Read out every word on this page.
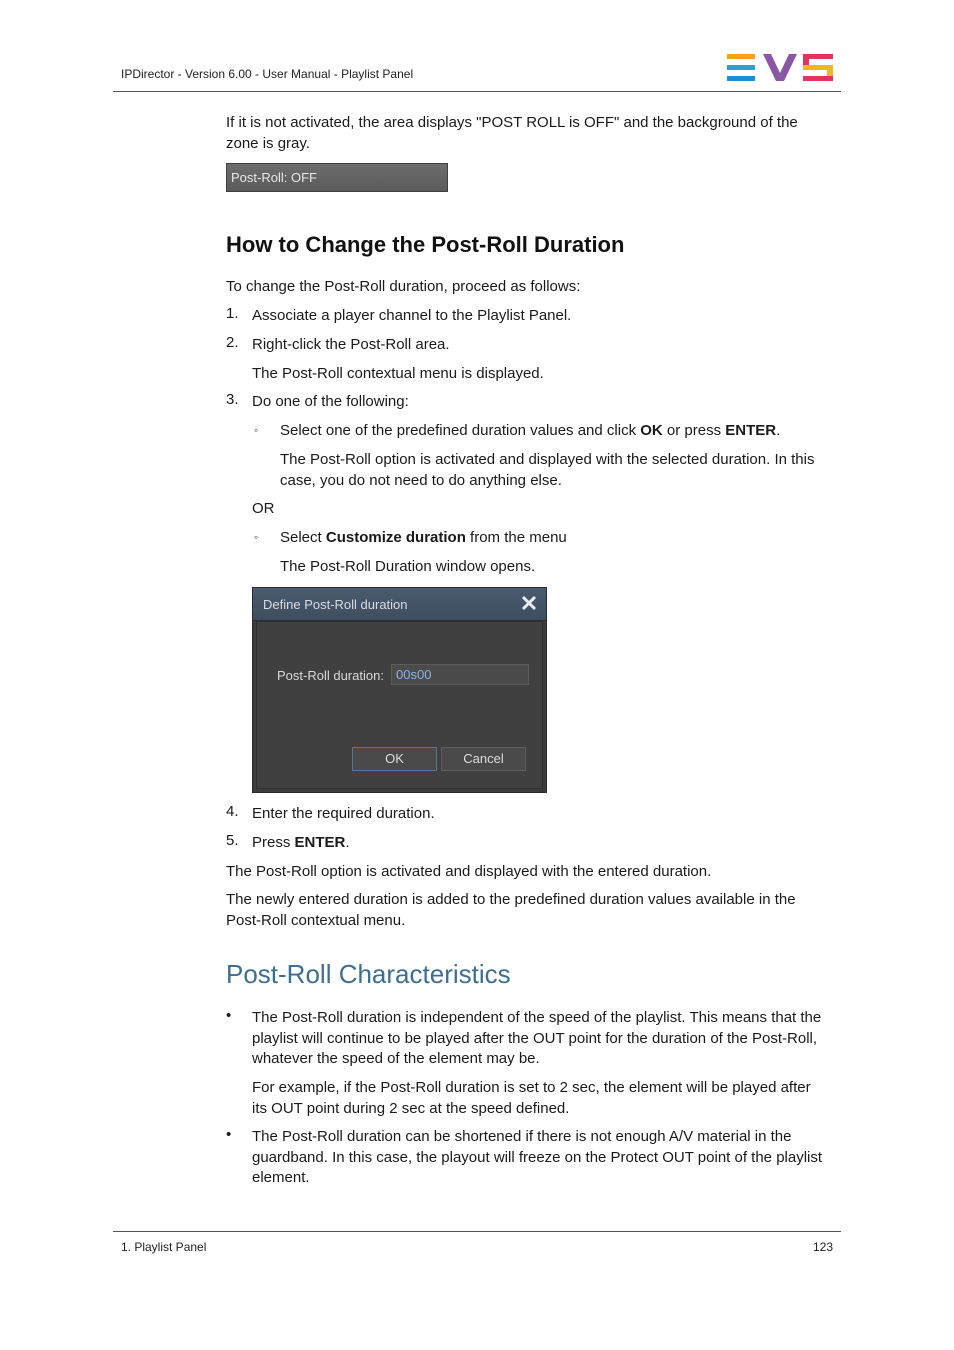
IPDirector - Version 6.00 - User Manual - Playlist Panel

If it is not activated, the area displays "POST ROLL is OFF" and the background of the

zone is gray.

Post-Roll: OFF
How to Change the Post-Roll Duration

To change the Post-Roll duration, proceed as follows:

1. Associate a player channel to the Playlist Panel.

2. Right-click the Post-Roll area.

The Post-Roll contextual menu is displayed.

3. Do one of the following:

◦ Select one of the predefined duration values and click OK or press ENTER.

The Post-Roll option is activated and displayed with the selected duration. In this

case, you do not need to do anything else.

OR

◦ Select Customize duration from the menu

The Post-Roll Duration window opens.

Define Post-Roll duration
Post-Roll duration:
00s00
OK	Cancel
4. Enter the required duration.

5. Press ENTER.

The Post-Roll option is activated and displayed with the entered duration.

The newly entered duration is added to the predefined duration values available in the

Post-Roll contextual menu.

Post-Roll Characteristics
• The Post-Roll duration is independent of the speed of the playlist. This means that the

playlist will continue to be played after the OUT point for the duration of the Post-Roll,

whatever the speed of the element may be.

For example, if the Post-Roll duration is set to 2 sec, the element will be played after

its OUT point during 2 sec at the speed defined.

• The Post-Roll duration can be shortened if there is not enough A/V material in the

guardband. In this case, the playout will freeze on the Protect OUT point of the playlist

element.

1. Playlist Panel	123
